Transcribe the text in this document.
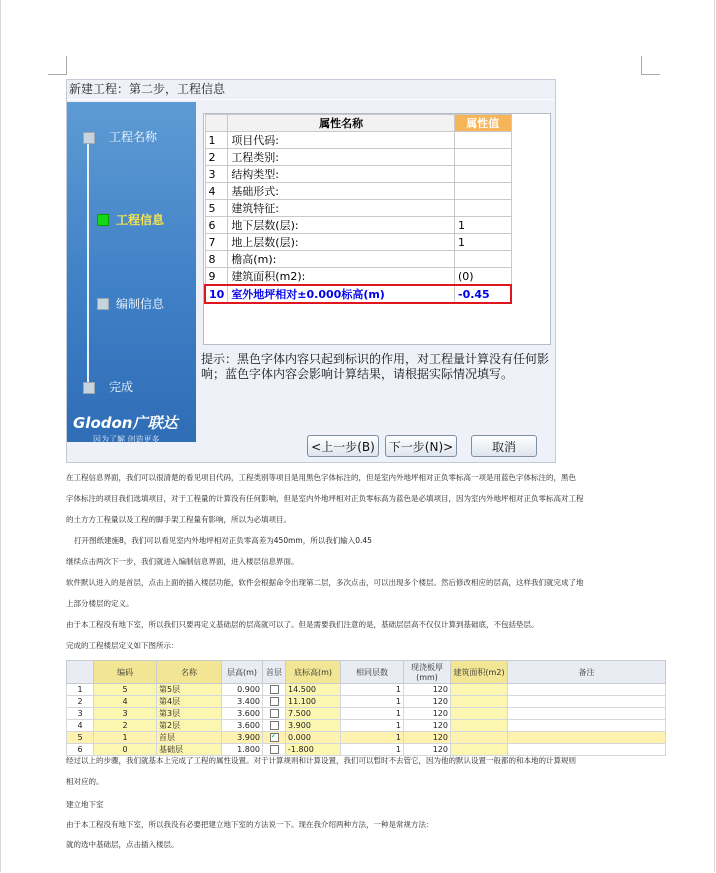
新建工程：第二步，工程信息
工程名称
工程信息
编制信息
完成
Glodon广联达
因为了解 创造更多
	属性名称	属性值
1	项目代码:	
2	工程类别:	
3	结构类型:	
4	基础形式:	
5	建筑特征:	
6	地下层数(层):	1
7	地上层数(层):	1
8	檐高(m):	
9	建筑面积(m2):	(0)
10	室外地坪相对±0.000标高(m)	-0.45
提示：黑色字体内容只起到标识的作用，对工程量计算没有任何影
响；蓝色字体内容会影响计算结果，请根据实际情况填写。
<上一步(B)	下一步(N)>	取消
在工程信息界面，我们可以很清楚的看见项目代码，工程类别等项目是用黑色字体标注的，但是室内外地坪相对正负零标高一项是用蓝色字体标注的，黑色
字体标注的项目我们选填项目，对于工程量的计算没有任何影响，但是室内外地坪相对正负零标高为蓝色是必填项目，因为室内外地坪相对正负零标高对工程
的土方方工程量以及工程的脚手架工程量有影响，所以为必填项目。
打开图纸建施8，我们可以看见室内外地坪相对正负零高差为450mm，所以我们输入0.45
继续点击两次下一步，我们就进入编制信息界面，进入楼层信息界面。
软件默认进入的是首层，点击上面的插入楼层功能，软件会根据命令出现第二层，多次点击，可以出现多个楼层。然后修改相应的层高，这样我们就完成了地
上部分楼层的定义。
由于本工程没有地下室，所以我们只要再定义基础层的层高就可以了。但是需要我们注意的是，基础层层高不仅仅计算到基础底，不包括垫层。
完成的工程楼层定义如下图所示：
	编码	名称	层高(m)	首层	底标高(m)	相同层数	现浇板厚(mm)	建筑面积(m2)	备注
1	5	第5层	0.900		14.500	1	120		
2	4	第4层	3.400		11.100	1	120		
3	3	第3层	3.600		7.500	1	120		
4	2	第2层	3.600		3.900	1	120		
5	1	首层	3.900	✓	0.000	1	120		
6	0	基础层	1.800		-1.800	1	120		
经过以上的步骤，我们就基本上完成了工程的属性设置。对于计算规则和计算设置，我们可以暂时不去管它，因为他的默认设置一般都的和本地的计算规则
相对应的。
建立地下室
由于本工程没有地下室，所以我没有必要把建立地下室的方法说一下。现在我介绍两种方法，一种是常规方法：
就的选中基础层，点击插入楼层。
